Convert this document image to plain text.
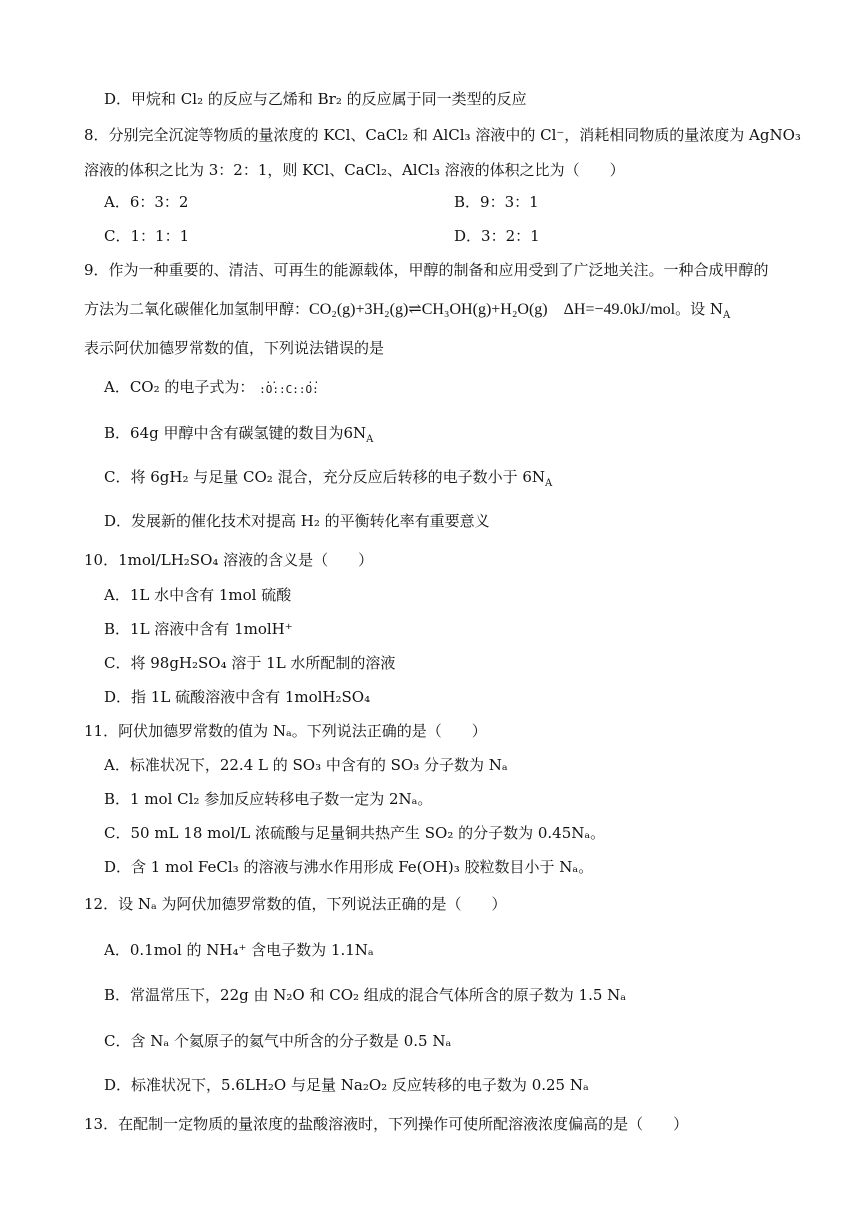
D．甲烷和 Cl₂ 的反应与乙烯和 Br₂ 的反应属于同一类型的反应
8．分别完全沉淀等物质的量浓度的 KCl、CaCl₂ 和 AlCl₃ 溶液中的 Cl⁻，消耗相同物质的量浓度为 AgNO₃
溶液的体积之比为 3：2：1，则 KCl、CaCl₂、AlCl₃ 溶液的体积之比为（　　）
A．6：3：2	B．9：3：1
C．1：1：1	D．3：2：1
9．作为一种重要的、清洁、可再生的能源载体，甲醇的制备和应用受到了广泛地关注。一种合成甲醇的
方法为二氧化碳催化加氢制甲醇：CO₂(g)+3H₂(g)⇌CH₃OH(g)+H₂O(g)　ΔH=−49.0kJ/mol。设 $N_A$
表示阿伏加德罗常数的值，下列说法错误的是
A．CO₂ 的电子式为： ..     ..
:O::C::O:
B．64g 甲醇中含有碳氢键的数目为$6N_A$
C．将 6gH₂ 与足量 CO₂ 混合，充分反应后转移的电子数小于 $6N_A$
D．发展新的催化技术对提高 H₂ 的平衡转化率有重要意义
10．1mol/LH₂SO₄ 溶液的含义是（　　）
A．1L 水中含有 1mol 硫酸
B．1L 溶液中含有 1molH⁺
C．将 98gH₂SO₄ 溶于 1L 水所配制的溶液
D．指 1L 硫酸溶液中含有 1molH₂SO₄
11．阿伏加德罗常数的值为 Nₐ。下列说法正确的是（　　）
A．标准状况下，22.4 L 的 SO₃ 中含有的 SO₃ 分子数为 Nₐ
B．1 mol Cl₂ 参加反应转移电子数一定为 2Nₐ。
C．50 mL 18 mol/L 浓硫酸与足量铜共热产生 SO₂ 的分子数为 0.45Nₐ。
D．含 1 mol FeCl₃ 的溶液与沸水作用形成 Fe(OH)₃ 胶粒数目小于 Nₐ。
12．设 Nₐ 为阿伏加德罗常数的值，下列说法正确的是（　　）
A．0.1mol 的 NH₄⁺ 含电子数为 1.1Nₐ
B．常温常压下，22g 由 N₂O 和 CO₂ 组成的混合气体所含的原子数为 1.5 Nₐ
C．含 Nₐ 个氦原子的氦气中所含的分子数是 0.5 Nₐ
D．标准状况下，5.6LH₂O 与足量 Na₂O₂ 反应转移的电子数为 0.25 Nₐ
13．在配制一定物质的量浓度的盐酸溶液时，下列操作可使所配溶液浓度偏高的是（　　）
